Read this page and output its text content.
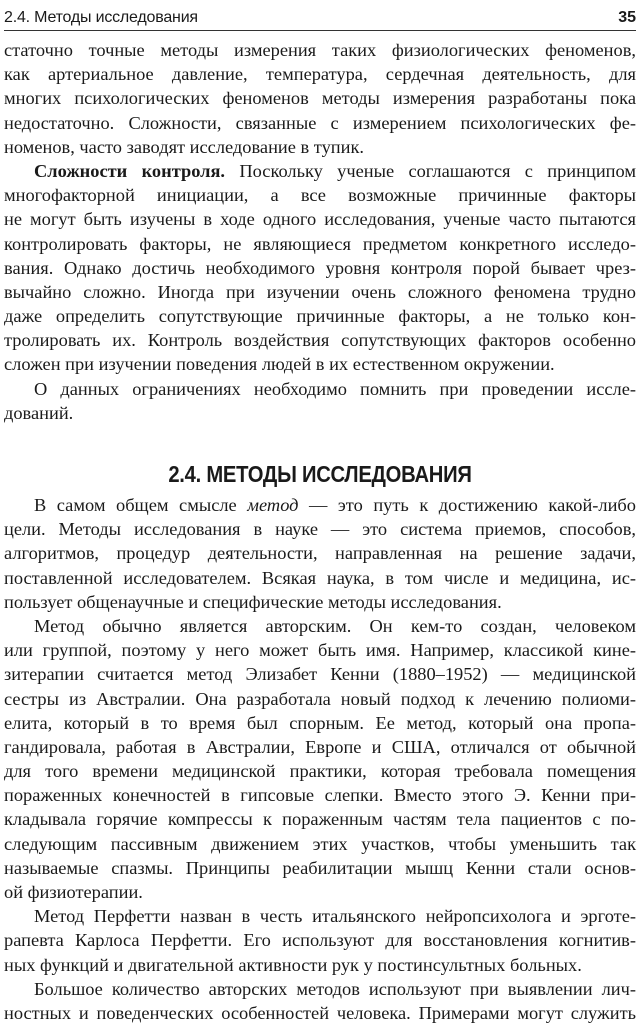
2.4. Методы исследования	35
статочно точные методы измерения таких физиологических феноменов,
как артериальное давление, температура, сердечная деятельность, для
многих психологических феноменов методы измерения разработаны пока
недостаточно. Сложности, связанные с измерением психологических фе-
номенов, часто заводят исследование в тупик.
Сложности контроля. Поскольку ученые соглашаются с принципом
многофакторной инициации, а все возможные причинные факторы
не могут быть изучены в ходе одного исследования, ученые часто пытаются
контролировать факторы, не являющиеся предметом конкретного исследо-
вания. Однако достичь необходимого уровня контроля порой бывает чрез-
вычайно сложно. Иногда при изучении очень сложного феномена трудно
даже определить сопутствующие причинные факторы, а не только кон-
тролировать их. Контроль воздействия сопутствующих факторов особенно
сложен при изучении поведения людей в их естественном окружении.
О данных ограничениях необходимо помнить при проведении иссле-
дований.
2.4. МЕТОДЫ ИССЛЕДОВАНИЯ
В самом общем смысле метод — это путь к достижению какой-либо
цели. Методы исследования в науке — это система приемов, способов,
алгоритмов, процедур деятельности, направленная на решение задачи,
поставленной исследователем. Всякая наука, в том числе и медицина, ис-
пользует общенаучные и специфические методы исследования.
Метод обычно является авторским. Он кем-то создан, человеком
или группой, поэтому у него может быть имя. Например, классикой кине-
зитерапии считается метод Элизабет Кенни (1880–1952) — медицинской
сестры из Австралии. Она разработала новый подход к лечению полиоми-
елита, который в то время был спорным. Ее метод, который она пропа-
гандировала, работая в Австралии, Европе и США, отличался от обычной
для того времени медицинской практики, которая требовала помещения
пораженных конечностей в гипсовые слепки. Вместо этого Э. Кенни при-
кладывала горячие компрессы к пораженным частям тела пациентов с по-
следующим пассивным движением этих участков, чтобы уменьшить так
называемые спазмы. Принципы реабилитации мышц Кенни стали основ-
ой физиотерапии.
Метод Перфетти назван в честь итальянского нейропсихолога и эрготе-
рапевта Карлоса Перфетти. Его используют для восстановления когнитив-
ных функций и двигательной активности рук у постинсультных больных.
Большое количество авторских методов используют при выявлении лич-
ностных и поведенческих особенностей человека. Примерами могут служить
